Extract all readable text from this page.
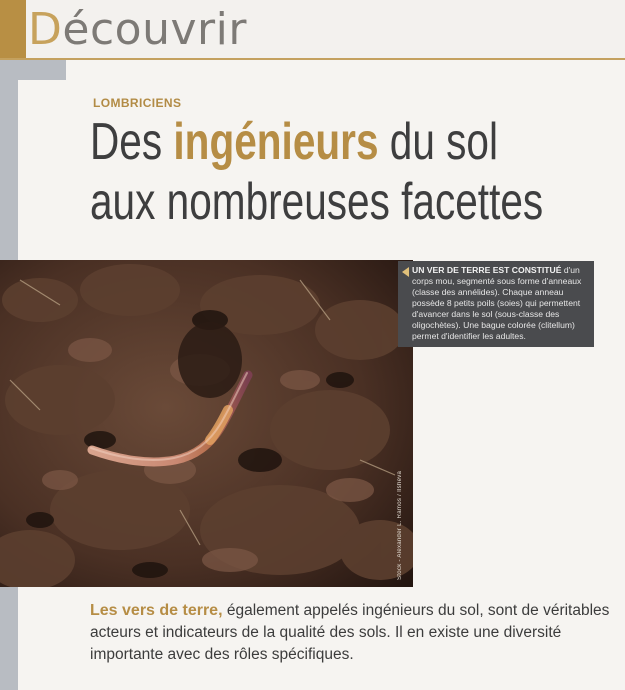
Découvrir
LOMBRICIENS
Des ingénieurs du sol
aux nombreuses facettes
Stock - Alexander L. Ramos / Ilsheva
UN VER DE TERRE EST CONSTITUÉ d'un corps mou, segmenté sous forme d'anneaux (classe des annélides). Chaque anneau possède 8 petits poils (soies) qui permettent d'avancer dans le sol (sous-classe des oligochètes). Une bague colorée (clitellum) permet d'identifier les adultes.
Les vers de terre, également appelés ingénieurs du sol, sont de véritables acteurs et indicateurs de la qualité des sols. Il en existe une diversité importante avec des rôles spécifiques.
